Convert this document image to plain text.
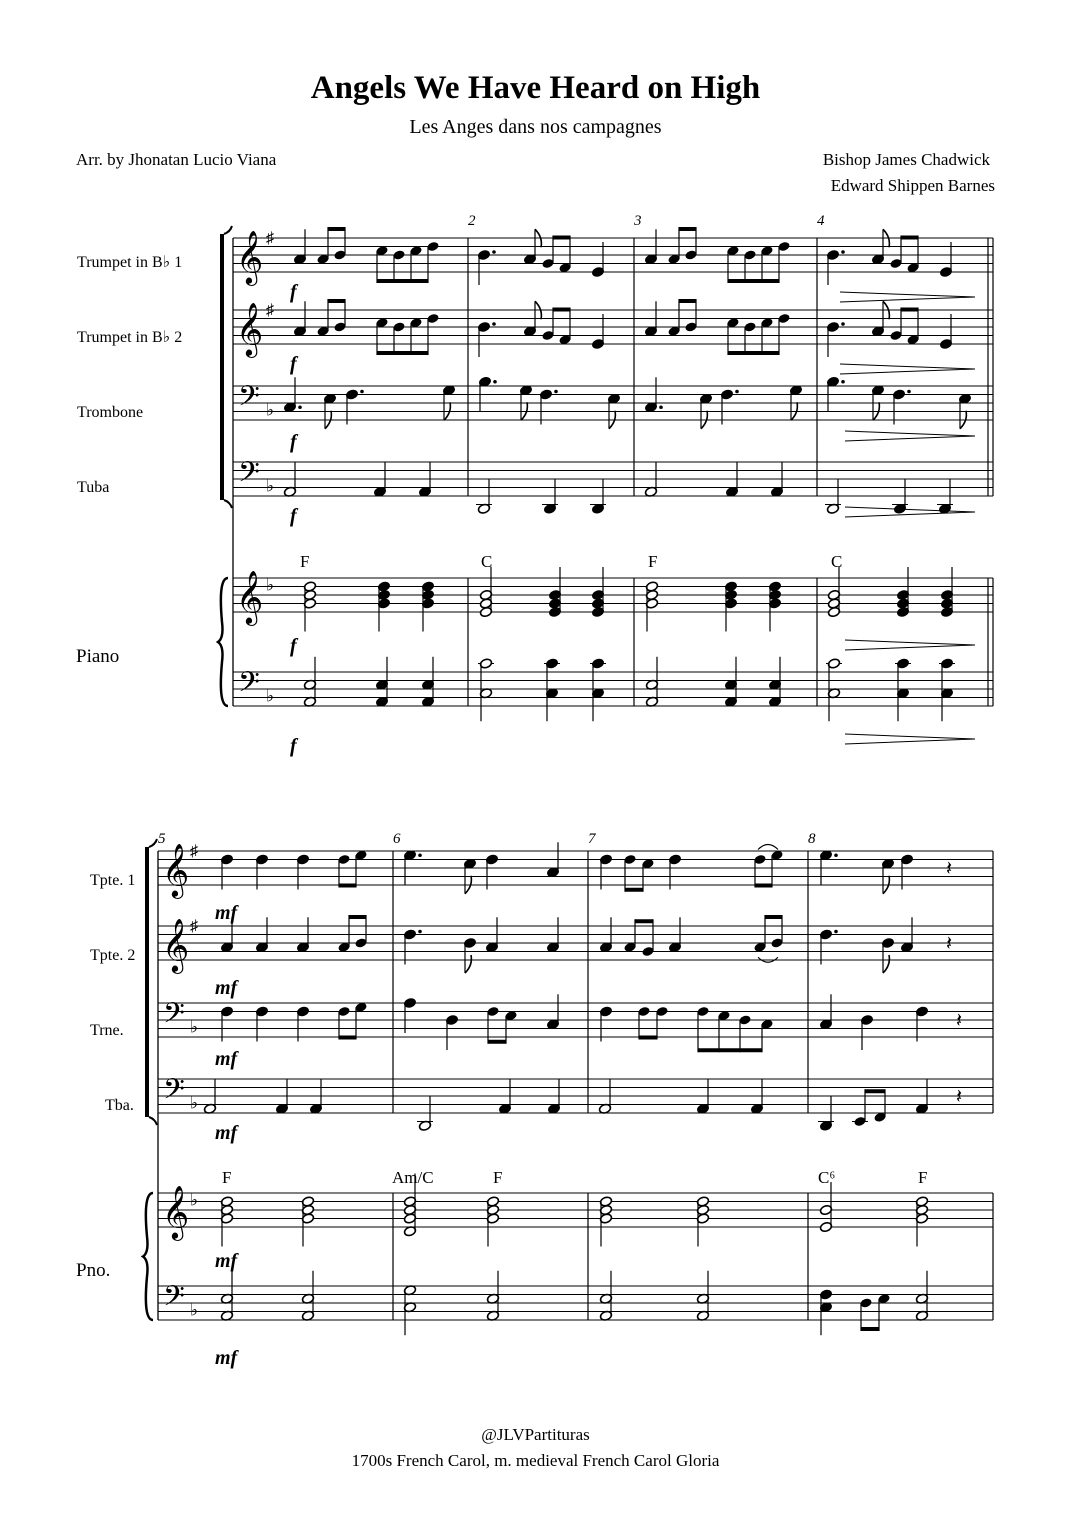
Angels We Have Heard on High
Les Anges dans nos campagnes
Arr. by Jhonatan Lucio Viana	Bishop James Chadwick
Edward Shippen Barnes
Trumpet in B♭ 1
Trumpet in B♭ 2
Trombone
Tuba
Piano
𝄞 ♯
𝄞 ♯
𝄢 ♭
𝄢 ♭
𝄞 ♭
𝄢 ♭
2	3	4
F	C	F	C
f
f
f
f
f
f
Tpte. 1
Tpte. 2
Trne.
Tba.
Pno.
𝄞 ♯
𝄞 ♯
𝄢 ♭
𝄢 ♭
𝄞 ♭
𝄢 ♭
5	6	7	8
F	Am/C	F	C⁶	F
𝄽
mf
𝄽
mf
𝄽
mf
𝄽
mf
mf
mf
@JLVPartituras
1700s French Carol, m. medieval French Carol Gloria
